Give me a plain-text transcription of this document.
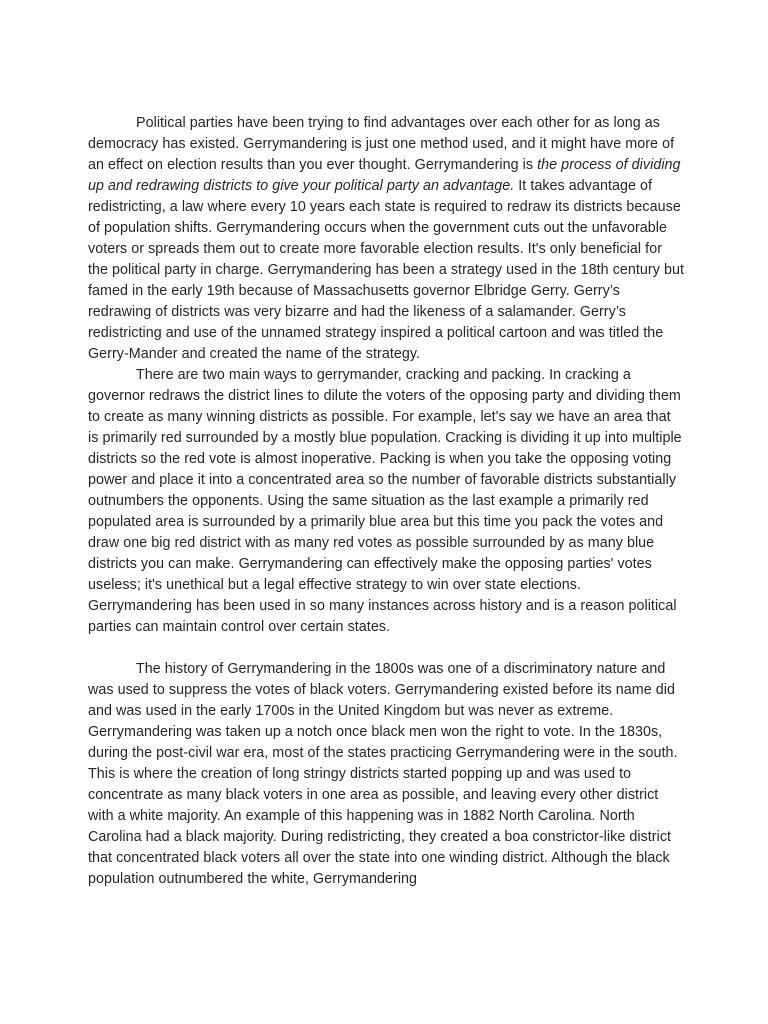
Political parties have been trying to find advantages over each other for as long as democracy has existed. Gerrymandering is just one method used, and it might have more of an effect on election results than you ever thought. Gerrymandering is the process of dividing up and redrawing districts to give your political party an advantage. It takes advantage of redistricting, a law where every 10 years each state is required to redraw its districts because of population shifts. Gerrymandering occurs when the government cuts out the unfavorable voters or spreads them out to create more favorable election results. It's only beneficial for the political party in charge. Gerrymandering has been a strategy used in the 18th century but famed in the early 19th because of Massachusetts governor Elbridge Gerry. Gerry’s redrawing of districts was very bizarre and had the likeness of a salamander. Gerry’s redistricting and use of the unnamed strategy inspired a political cartoon and was titled the Gerry-Mander and created the name of the strategy.

There are two main ways to gerrymander, cracking and packing. In cracking a governor redraws the district lines to dilute the voters of the opposing party and dividing them to create as many winning districts as possible. For example, let's say we have an area that is primarily red surrounded by a mostly blue population. Cracking is dividing it up into multiple districts so the red vote is almost inoperative. Packing is when you take the opposing voting power and place it into a concentrated area so the number of favorable districts substantially outnumbers the opponents. Using the same situation as the last example a primarily red populated area is surrounded by a primarily blue area but this time you pack the votes and draw one big red district with as many red votes as possible surrounded by as many blue districts you can make. Gerrymandering can effectively make the opposing parties' votes useless; it's unethical but a legal effective strategy to win over state elections. Gerrymandering has been used in so many instances across history and is a reason political parties can maintain control over certain states.

The history of Gerrymandering in the 1800s was one of a discriminatory nature and was used to suppress the votes of black voters. Gerrymandering existed before its name did and was used in the early 1700s in the United Kingdom but was never as extreme. Gerrymandering was taken up a notch once black men won the right to vote. In the 1830s, during the post-civil war era, most of the states practicing Gerrymandering were in the south. This is where the creation of long stringy districts started popping up and was used to concentrate as many black voters in one area as possible, and leaving every other district with a white majority. An example of this happening was in 1882 North Carolina. North Carolina had a black majority. During redistricting, they created a boa constrictor-like district that concentrated black voters all over the state into one winding district. Although the black population outnumbered the white, Gerrymandering
